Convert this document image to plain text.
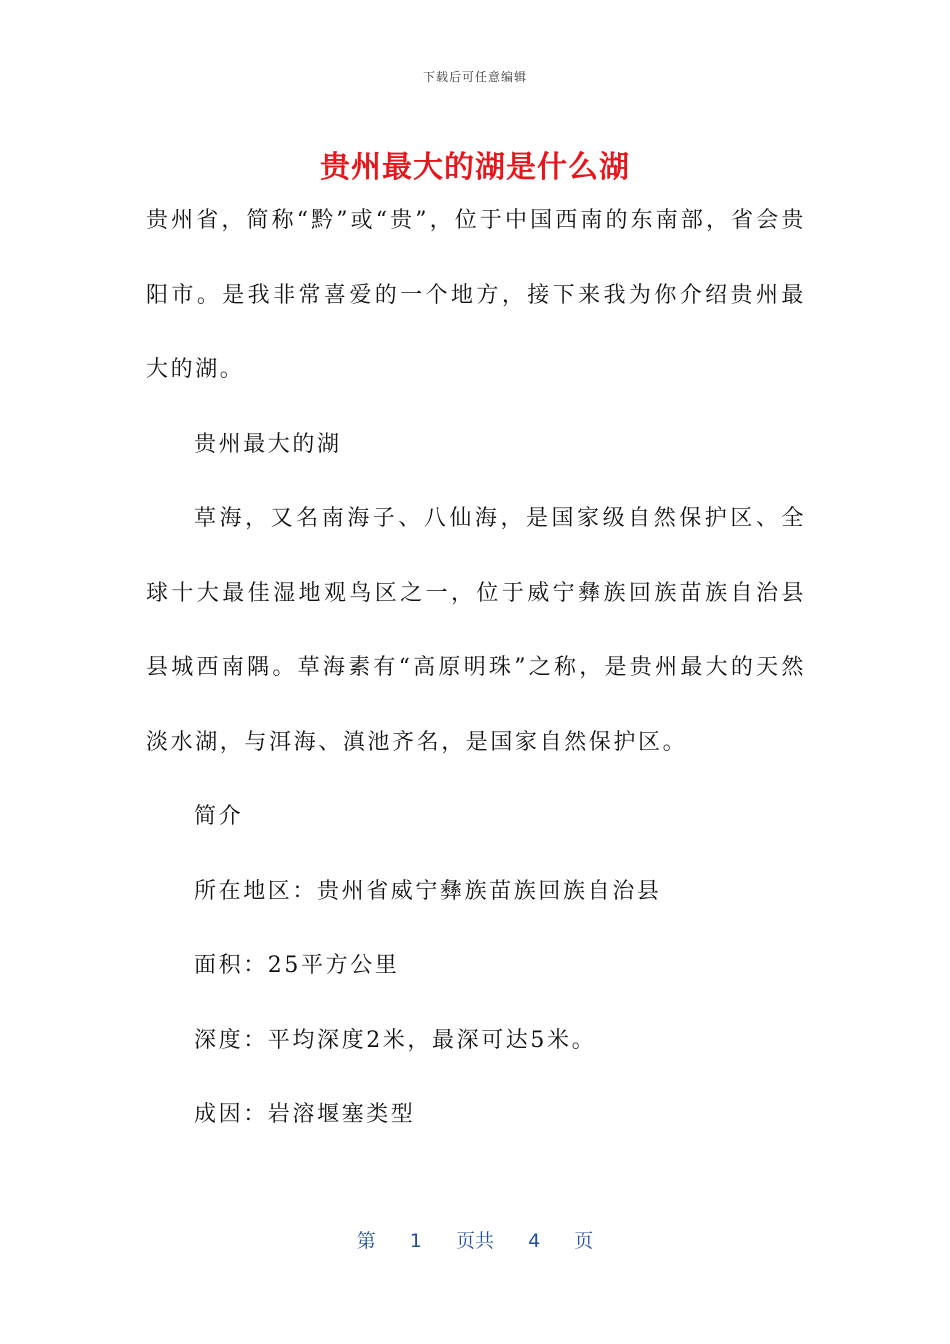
下载后可任意编辑
贵州最大的湖是什么湖

贵州省，简称“黔”或“贵”，位于中国西南的东南部，省会贵阳市。是我非常喜爱的一个地方，接下来我为你介绍贵州最大的湖。

贵州最大的湖

草海，又名南海子、八仙海，是国家级自然保护区、全球十大最佳湿地观鸟区之一，位于威宁彝族回族苗族自治县县城西南隅。草海素有“高原明珠”之称，是贵州最大的天然淡水湖，与洱海、滇池齐名，是国家自然保护区。

简介

所在地区：贵州省威宁彝族苗族回族自治县

面积：25平方公里

深度：平均深度2米，最深可达5米。

成因：岩溶堰塞类型

第 1 页共 4 页
